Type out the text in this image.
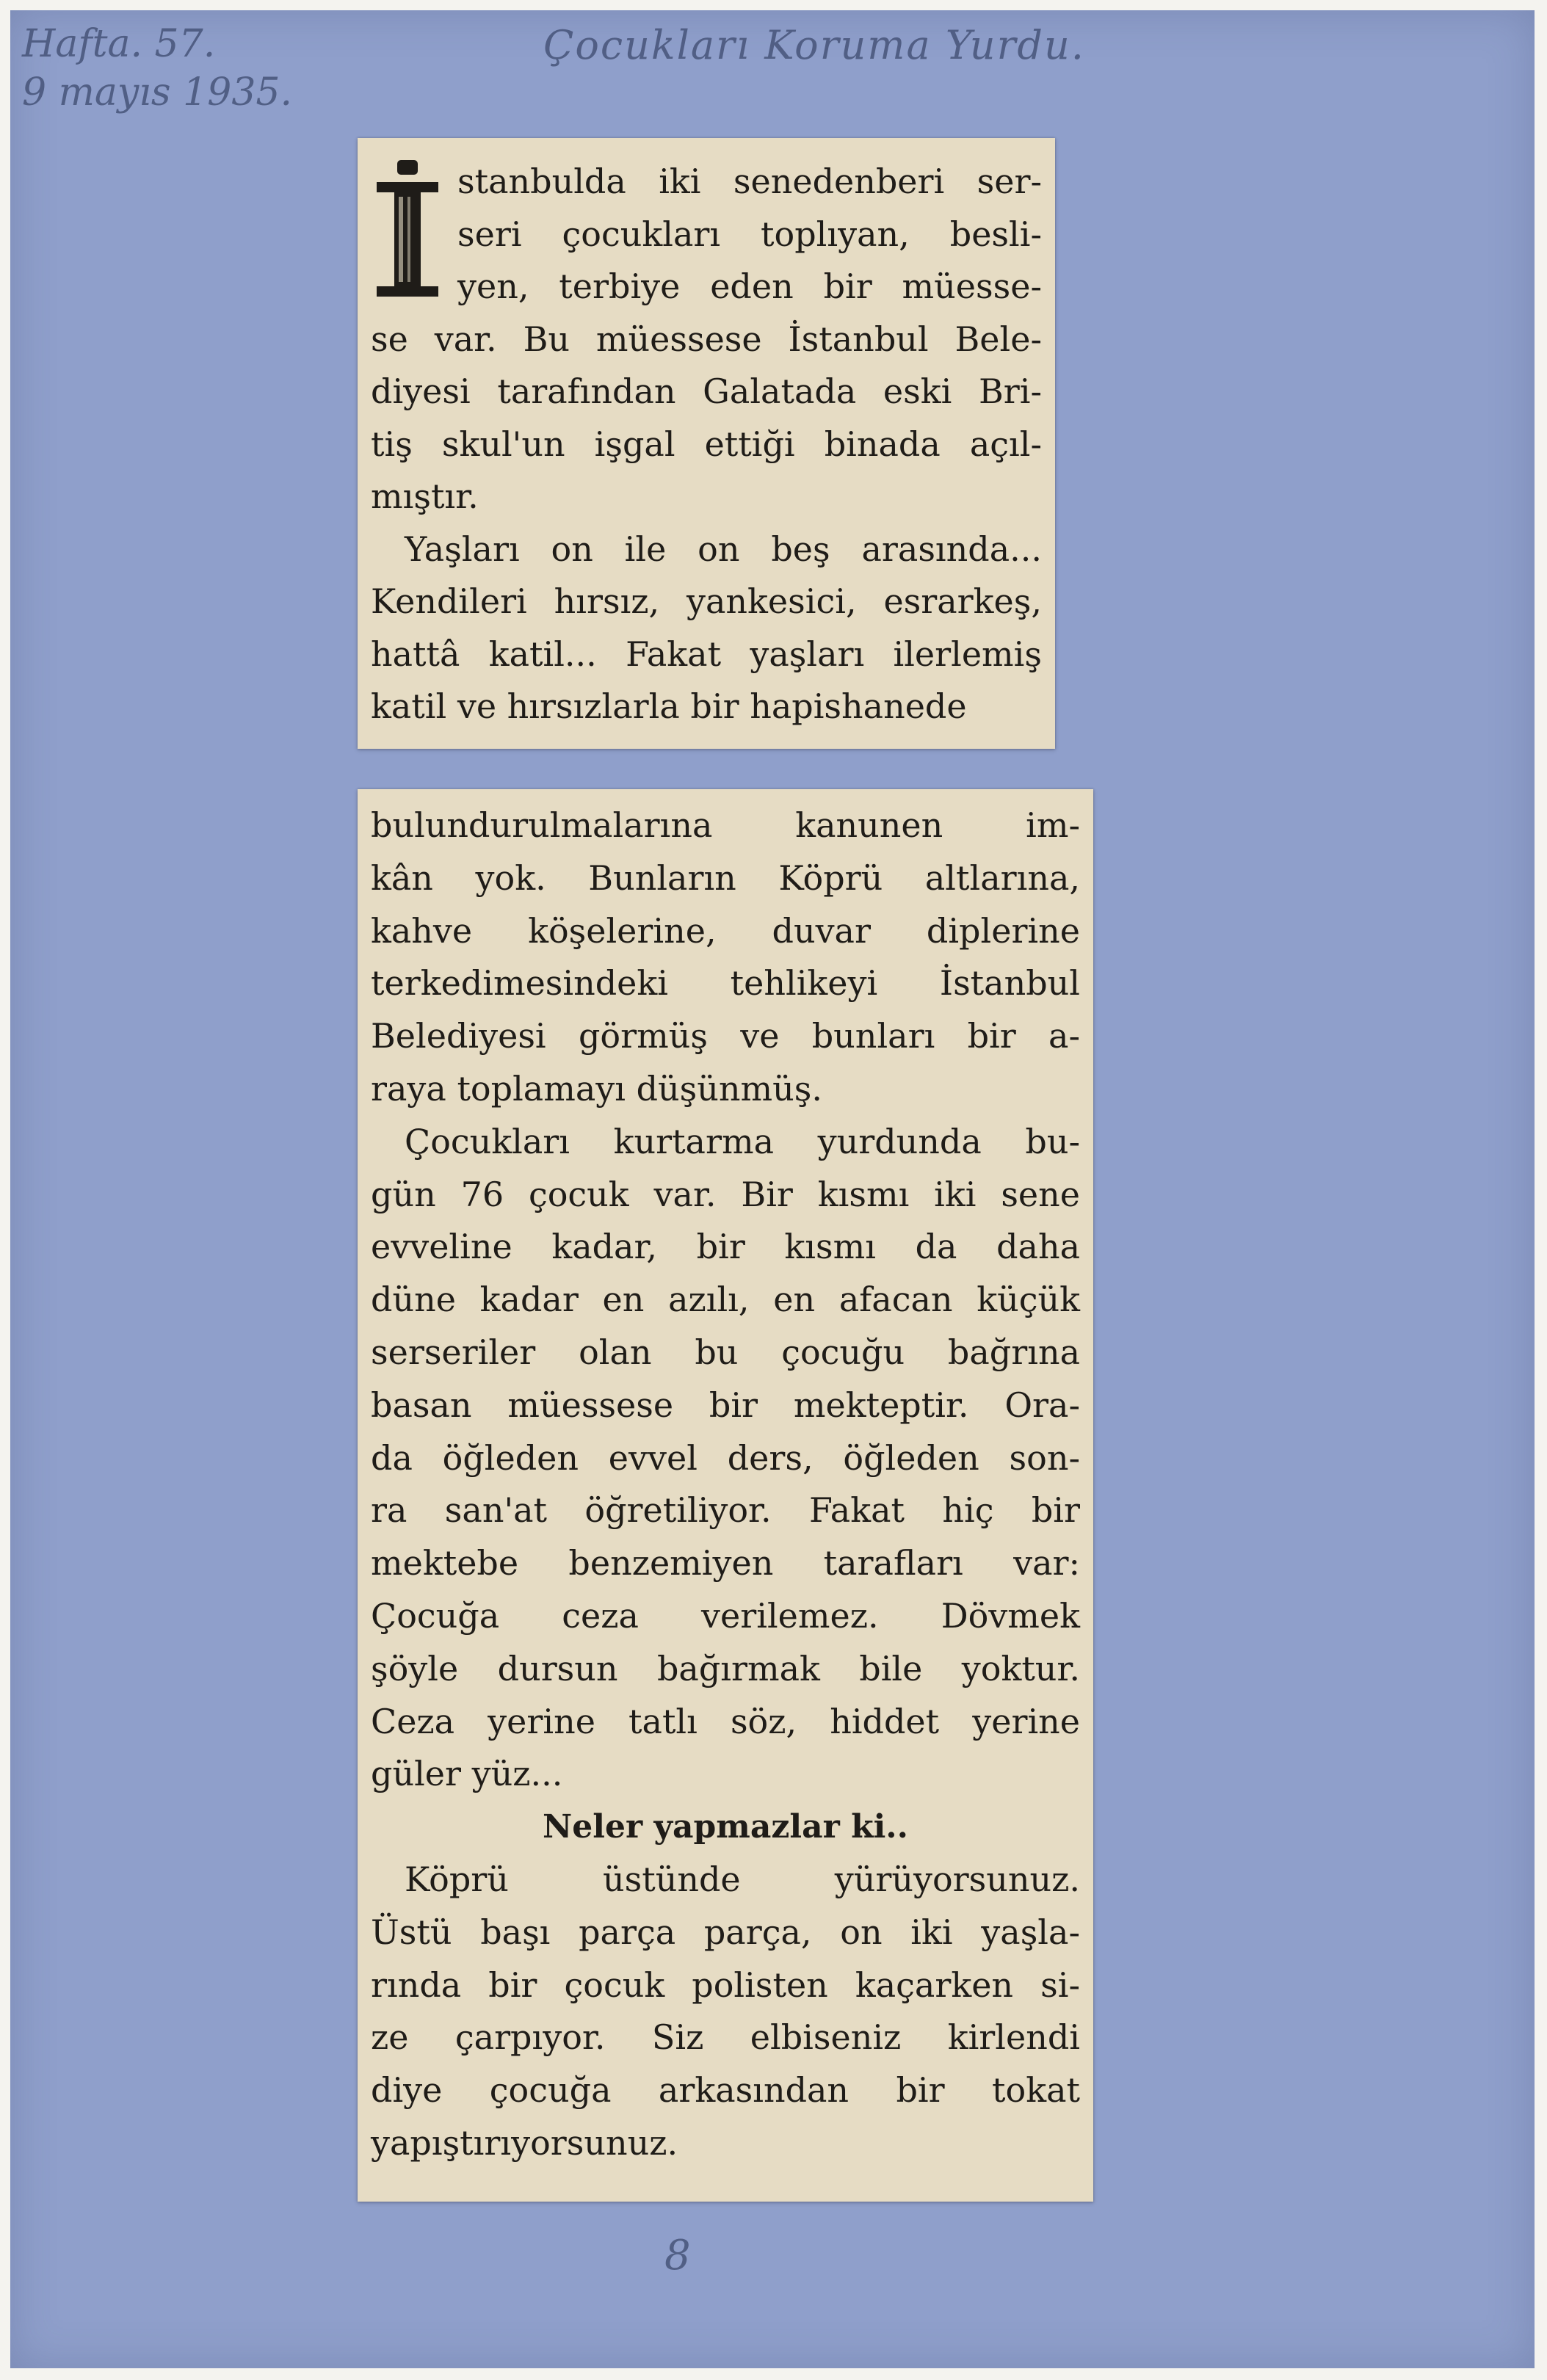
Hafta. 57.
9 mayıs 1935.
Çocukları Koruma Yurdu.
8
stanbulda iki senedenberi ser-
seri çocukları toplıyan, besli-
yen, terbiye eden bir müesse-
se var. Bu müessese İstanbul Bele-
diyesi tarafından Galatada eski Bri-
tiş skul'un işgal ettiği binada açıl-
mıştır.
Yaşları on ile on beş arasında...
Kendileri hırsız, yankesici, esrarkeş,
hattâ katil... Fakat yaşları ilerlemiş
katil ve hırsızlarla bir hapishanede
bulundurulmalarına kanunen im-
kân yok. Bunların Köprü altlarına,
kahve köşelerine, duvar diplerine
terkedimesindeki tehlikeyi İstanbul
Belediyesi görmüş ve bunları bir a-
raya toplamayı düşünmüş.
Çocukları kurtarma yurdunda bu-
gün 76 çocuk var. Bir kısmı iki sene
evveline kadar, bir kısmı da daha
düne kadar en azılı, en afacan küçük
serseriler olan bu çocuğu bağrına
basan müessese bir mekteptir. Ora-
da öğleden evvel ders, öğleden son-
ra san'at öğretiliyor. Fakat hiç bir
mektebe benzemiyen tarafları var:
Çocuğa ceza verilemez. Dövmek
şöyle dursun bağırmak bile yoktur.
Ceza yerine tatlı söz, hiddet yerine
güler yüz...
Neler yapmazlar ki..
Köprü üstünde yürüyorsunuz.
Üstü başı parça parça, on iki yaşla-
rında bir çocuk polisten kaçarken si-
ze çarpıyor. Siz elbiseniz kirlendi
diye çocuğa arkasından bir tokat
yapıştırıyorsunuz.
